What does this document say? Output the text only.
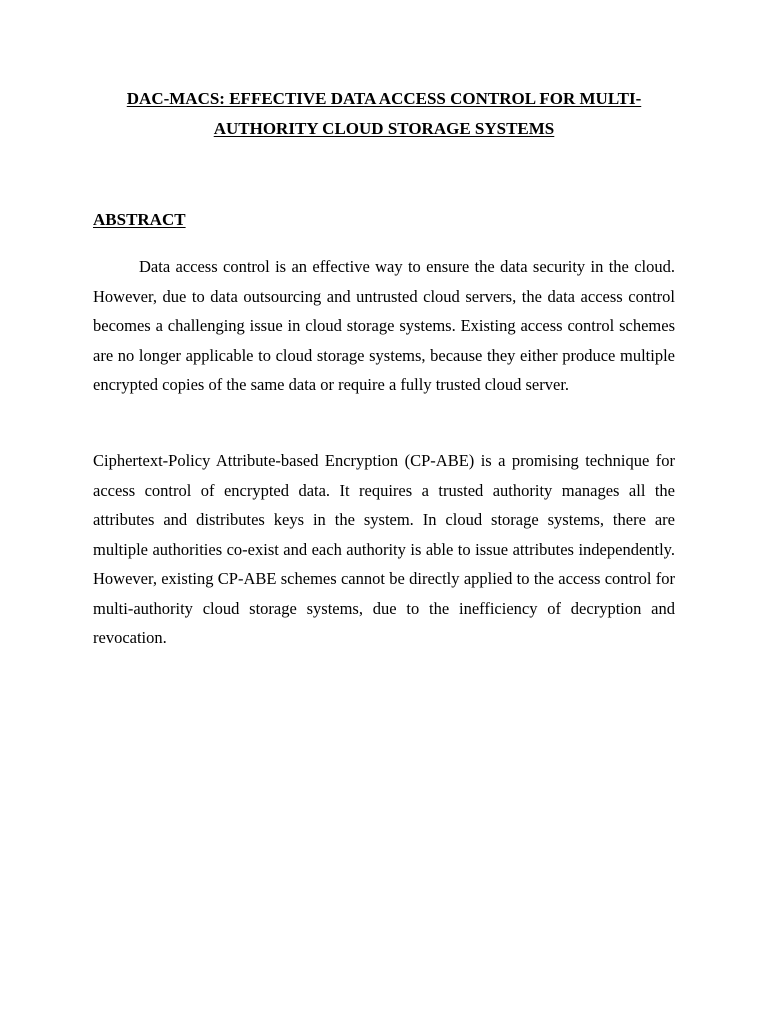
DAC-MACS: EFFECTIVE DATA ACCESS CONTROL FOR MULTI-
AUTHORITY CLOUD STORAGE SYSTEMS
ABSTRACT

Data access control is an effective way to ensure the data security in the cloud. However, due to data outsourcing and untrusted cloud servers, the data access control becomes a challenging issue in cloud storage systems. Existing access control schemes are no longer applicable to cloud storage systems, because they either produce multiple encrypted copies of the same data or require a fully trusted cloud server.

Ciphertext-Policy Attribute-based Encryption (CP-ABE) is a promising technique for access control of encrypted data. It requires a trusted authority manages all the attributes and distributes keys in the system. In cloud storage systems, there are multiple authorities co-exist and each authority is able to issue attributes independently. However, existing CP-ABE schemes cannot be directly applied to the access control for multi-authority cloud storage systems, due to the inefficiency of decryption and revocation.
